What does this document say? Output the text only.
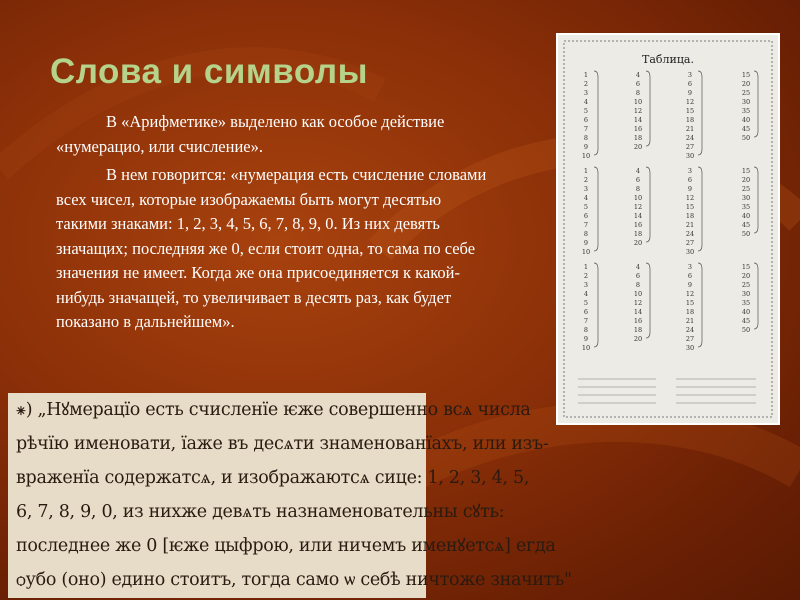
Слова и символы

В «Арифметике» выделено как особое действие «нумерацио, или счисление».

В нем говорится: «нумерация есть счисление словами всех чисел, которые изображаемы быть могут десятью такими знаками: 1, 2, 3, 4, 5, 6, 7, 8, 9, 0. Из них девять значащих; последняя же 0, если стоит одна, то сама по себе значения не имеет. Когда же она присоединяется к какой-нибудь значащей, то увеличивает в десять раз, как будет показано в дальнейшем».

Таблица.
1
2
3
4
5
6
7
8
9
10
1
2
3
4
5
6
7
8
9
10
1
2
3
4
5
6
7
8
9
10
4
6
8
10
12
14
16
18
20
4
6
8
10
12
14
16
18
20
4
6
8
10
12
14
16
18
20
3
6
9
12
15
18
21
24
27
30
3
6
9
12
15
18
21
24
27
30
3
6
9
12
15
18
21
24
27
30
15
20
25
30
35
40
45
50
15
20
25
30
35
40
45
50
15
20
25
30
35
40
45
50
⁕) „Нꙋмерацїо есть счисленїе ѥже совершенно всѧ числа
рѣчїю именовати, їаже въ десѧти знаменованїахъ, или изъ-
враженїа содержатсѧ, и изображаютсѧ сице: 1, 2, 3, 4, 5,
6, 7, 8, 9, 0, из нихже девѧть назнаменовательны сꙋть:
последнее же 0 [ѥже цыфрою, или ничемъ именꙋетсѧ] егда
ѻубо (оно) едино стоитъ, тогда само ѡ себѣ ничтоже значитъ"
